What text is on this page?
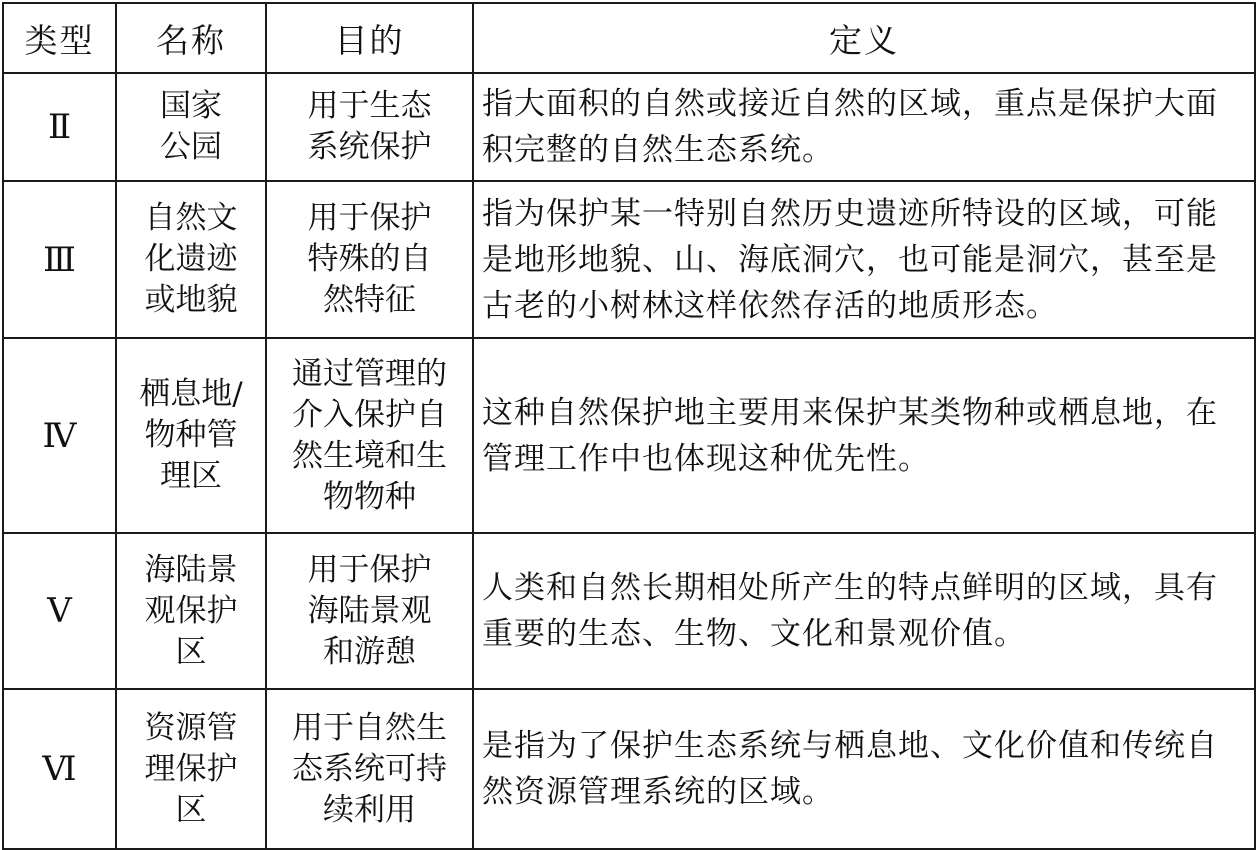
类型	名称	目的	定义
Ⅱ	国家公园	用于生态系统保护	指大面积的自然或接近自然的区域，重点是保护大面积完整的自然生态系统。

Ⅲ	自然文化遗迹或地貌	用于保护特殊的自然特征	指为保护某一特别自然历史遗迹所特设的区域，可能是地形地貌、山、海底洞穴，也可能是洞穴，甚至是古老的小树林这样依然存活的地质形态。

Ⅳ	栖息地/物种管理区	通过管理的介入保护自然生境和生物物种	这种自然保护地主要用来保护某类物种或栖息地，在管理工作中也体现这种优先性。

Ⅴ	海陆景观保护区	用于保护海陆景观和游憩	人类和自然长期相处所产生的特点鲜明的区域，具有重要的生态、生物、文化和景观价值。

Ⅵ	资源管理保护区	用于自然生态系统可持续利用	是指为了保护生态系统与栖息地、文化价值和传统自然资源管理系统的区域。
